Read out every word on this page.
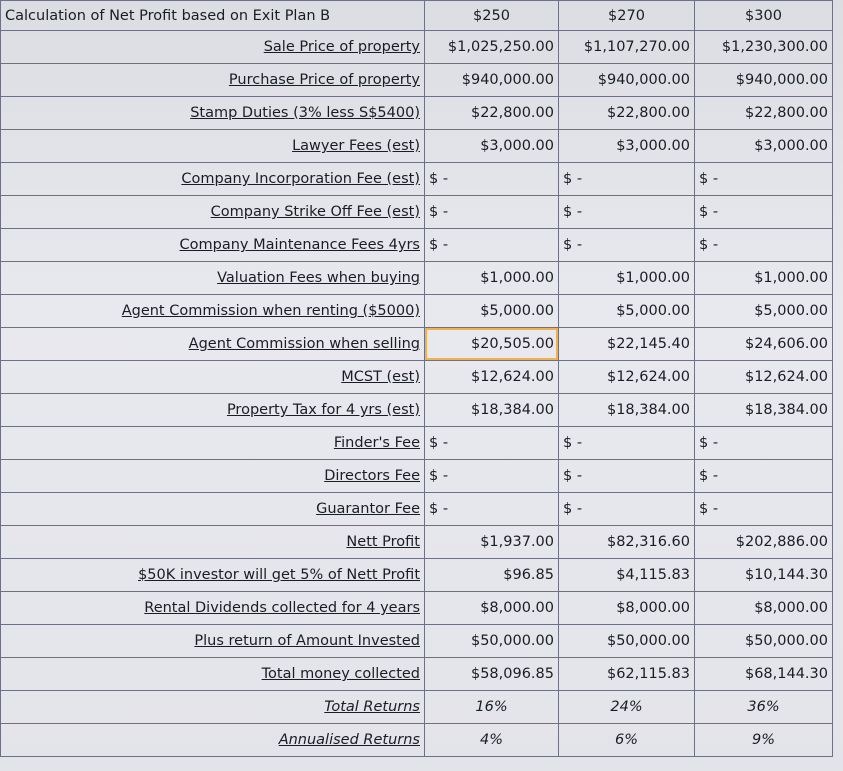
Calculation of Net Profit based on Exit Plan B	$250	$270	$300
Sale Price of property	$1,025,250.00	$1,107,270.00	$1,230,300.00
Purchase Price of property	$940,000.00	$940,000.00	$940,000.00
Stamp Duties (3% less S$5400)	$22,800.00	$22,800.00	$22,800.00
Lawyer Fees (est)	$3,000.00	$3,000.00	$3,000.00
Company Incorporation Fee (est)	$ -	$ -	$ -
Company Strike Off Fee (est)	$ -	$ -	$ -
Company Maintenance Fees 4yrs	$ -	$ -	$ -
Valuation Fees when buying	$1,000.00	$1,000.00	$1,000.00
Agent Commission when renting ($5000)	$5,000.00	$5,000.00	$5,000.00
Agent Commission when selling	$20,505.00	$22,145.40	$24,606.00
MCST (est)	$12,624.00	$12,624.00	$12,624.00
Property Tax for 4 yrs (est)	$18,384.00	$18,384.00	$18,384.00
Finder's Fee	$ -	$ -	$ -
Directors Fee	$ -	$ -	$ -
Guarantor Fee	$ -	$ -	$ -
Nett Profit	$1,937.00	$82,316.60	$202,886.00
$50K investor will get 5% of Nett Profit	$96.85	$4,115.83	$10,144.30
Rental Dividends collected for 4 years	$8,000.00	$8,000.00	$8,000.00
Plus return of Amount Invested	$50,000.00	$50,000.00	$50,000.00
Total money collected	$58,096.85	$62,115.83	$68,144.30
Total Returns	16%	24%	36%
Annualised Returns	4%	6%	9%
